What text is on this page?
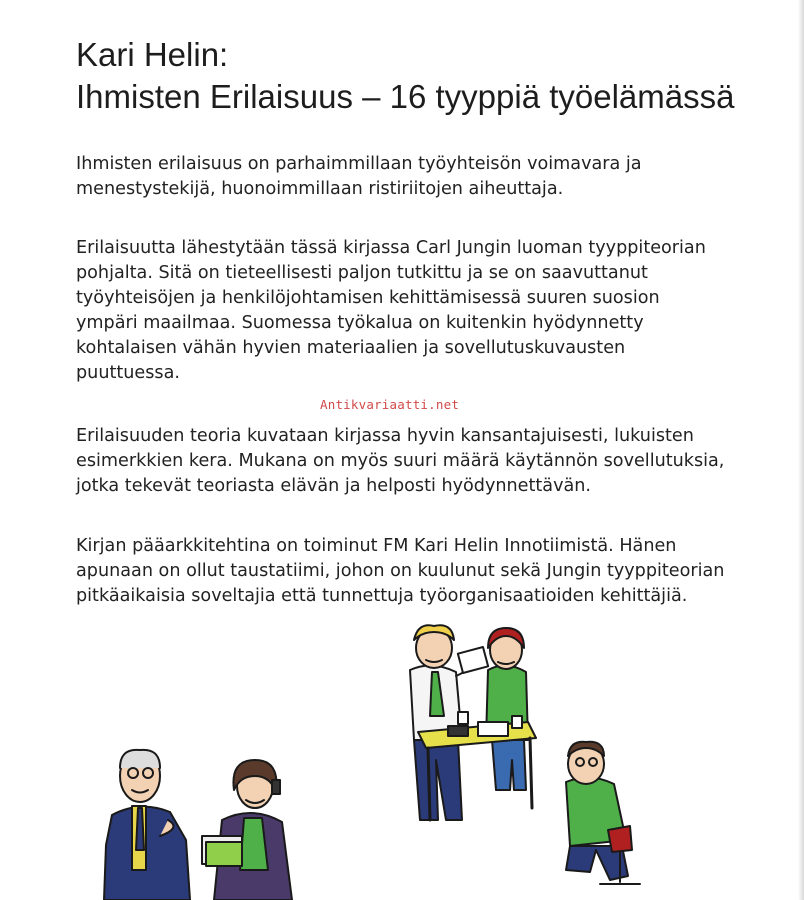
Kari Helin:
Ihmisten Erilaisuus – 16 tyyppiä työelämässä
Ihmisten erilaisuus on parhaimmillaan työyhteisön voimavara ja
menestystekijä, huonoimmillaan ristiriitojen aiheuttaja.
Erilaisuutta lähestytään tässä kirjassa Carl Jungin luoman tyyppiteorian
pohjalta. Sitä on tieteellisesti paljon tutkittu ja se on saavuttanut
työyhteisöjen ja henkilöjohtamisen kehittämisessä suuren suosion
ympäri maailmaa. Suomessa työkalua on kuitenkin hyödynnetty
kohtalaisen vähän hyvien materiaalien ja sovellutuskuvausten
puuttuessa.
Antikvariaatti.net
Erilaisuuden teoria kuvataan kirjassa hyvin kansantajuisesti, lukuisten
esimerkkien kera. Mukana on myös suuri määrä käytännön sovellutuksia,
jotka tekevät teoriasta elävän ja helposti hyödynnettävän.
Kirjan pääarkkitehtina on toiminut FM Kari Helin Innotiimistä. Hänen
apunaan on ollut taustatiimi, johon on kuulunut sekä Jungin tyyppiteorian
pitkäaikaisia soveltajia että tunnettuja työorganisaatioiden kehittäjiä.
